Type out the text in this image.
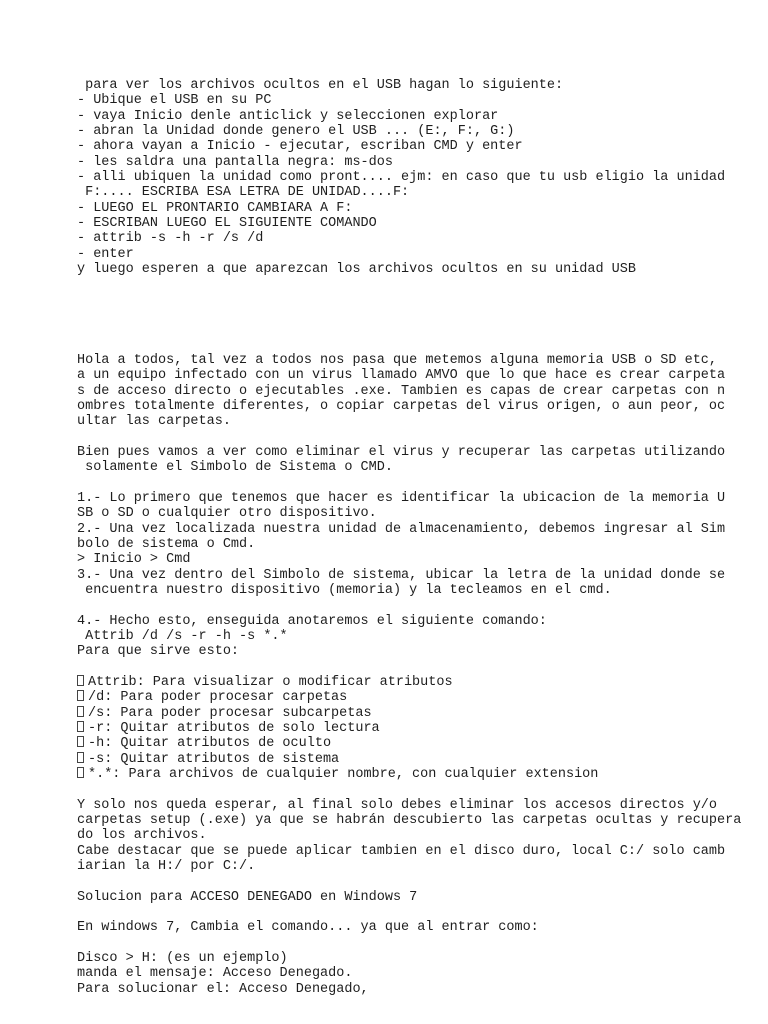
para ver los archivos ocultos en el USB hagan lo siguiente:

- Ubique el USB en su PC

- vaya Inicio denle anticlick y seleccionen explorar

- abran la Unidad donde genero el USB ... (E:, F:, G:)

- ahora vayan a Inicio - ejecutar, escriban CMD y enter

- les saldra una pantalla negra: ms-dos

- alli ubiquen la unidad como pront.... ejm: en caso que tu usb eligio la unidad

F:.... ESCRIBA ESA LETRA DE UNIDAD....F:

- LUEGO EL PRONTARIO CAMBIARA A F:

- ESCRIBAN LUEGO EL SIGUIENTE COMANDO

- attrib -s -h -r /s /d

- enter

y luego esperen a que aparezcan los archivos ocultos en su unidad USB

Hola a todos, tal vez a todos nos pasa que metemos alguna memoria USB o SD etc,

a un equipo infectado con un virus llamado AMVO que lo que hace es crear carpeta

s de acceso directo o ejecutables .exe. Tambien es capas de crear carpetas con n

ombres totalmente diferentes, o copiar carpetas del virus origen, o aun peor, oc

ultar las carpetas.

Bien pues vamos a ver como eliminar el virus y recuperar las carpetas utilizando

solamente el Simbolo de Sistema o CMD.

1.- Lo primero que tenemos que hacer es identificar la ubicacion de la memoria U

SB o SD o cualquier otro dispositivo.

2.- Una vez localizada nuestra unidad de almacenamiento, debemos ingresar al Sim

bolo de sistema o Cmd.

> Inicio > Cmd

3.- Una vez dentro del Simbolo de sistema, ubicar la letra de la unidad donde se

encuentra nuestro dispositivo (memoria) y la tecleamos en el cmd.

4.- Hecho esto, enseguida anotaremos el siguiente comando:

Attrib /d /s -r -h -s *.*

Para que sirve esto:

Attrib: Para visualizar o modificar atributos

/d: Para poder procesar carpetas

/s: Para poder procesar subcarpetas

-r: Quitar atributos de solo lectura

-h: Quitar atributos de oculto

-s: Quitar atributos de sistema

*.*: Para archivos de cualquier nombre, con cualquier extension

Y solo nos queda esperar, al final solo debes eliminar los accesos directos y/o

carpetas setup (.exe) ya que se habrán descubierto las carpetas ocultas y recupera

do los archivos.

Cabe destacar que se puede aplicar tambien en el disco duro, local C:/ solo camb

iarian la H:/ por C:/.

Solucion para ACCESO DENEGADO en Windows 7

En windows 7, Cambia el comando... ya que al entrar como:

Disco > H: (es un ejemplo)

manda el mensaje: Acceso Denegado.

Para solucionar el: Acceso Denegado,
